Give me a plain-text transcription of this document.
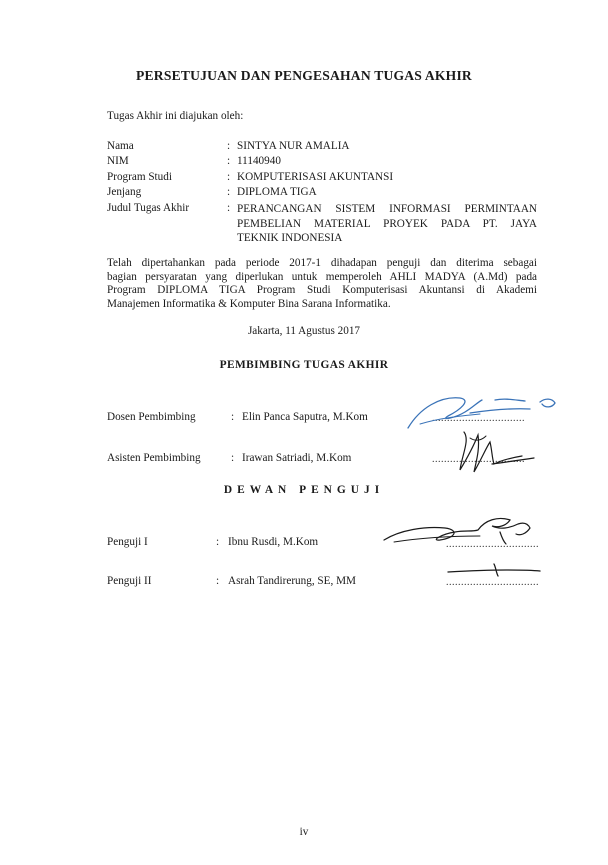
PERSETUJUAN DAN PENGESAHAN TUGAS AKHIR
Tugas Akhir ini diajukan oleh:
Nama	: SINTYA NUR AMALIA
NIM	: 11140940
Program Studi	: KOMPUTERISASI AKUNTANSI
Jenjang	: DIPLOMA TIGA
Judul Tugas Akhir	: PERANCANGAN SISTEM INFORMASI PERMINTAAN
PEMBELIAN MATERIAL PROYEK PADA PT. JAYA
TEKNIK INDONESIA
Telah dipertahankan pada periode 2017-1 dihadapan penguji dan diterima sebagai
bagian persyaratan yang diperlukan untuk memperoleh AHLI MADYA (A.Md) pada
Program DIPLOMA TIGA Program Studi Komputerisasi Akuntansi di Akademi
Manajemen Informatika & Komputer Bina Sarana Informatika.
Jakarta, 11 Agustus 2017
PEMBIMBING TUGAS AKHIR
Dosen Pembimbing	: Elin Panca Saputra, M.Kom	...............................
Asisten Pembimbing	: Irawan Satriadi, M.Kom	...............................
DEWAN PENGUJI
Penguji I	: Ibnu Rusdi, M.Kom	...............................
Penguji II	: Asrah Tandirerung, SE, MM	...............................
iv
